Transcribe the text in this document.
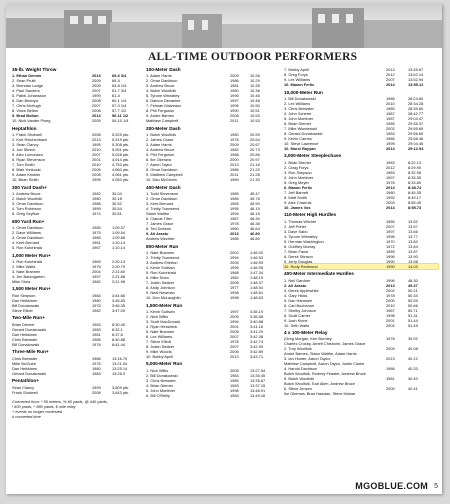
ALL-TIME OUTDOOR PERFORMERS
35-lb. Weight Throw
1. Ethan Dennis	2013	69-6 3/4
2. Sean Pruitt	2009	69-4
3. Brendan Lodge	2009	63-8 1/4
4. Paul Sanders	2007	61-7 3/4
5. Patrik Johansson	1999	61-4
6. Dan Bedoya	2008	60-1 1/4
7. Chris McHugh	2007	57-0 1/4
8. Vince Belton	2008	57-7 1/2
9. Brad Bolton	2014	56-11 1/2
10. Nick Vander Ploeg	2005	54-10 1/4
Heptathlon
1. Frank Shotwell	2008	5,525 pts.
2. Kurt Reichenbach	2013	5,319 pts.
3. Sean Clancy	1995	5,308 pts.
4. Joe Stinich	2010	5,051 pts.
5. Alex Lomonaco	2007	5,028 pts.
6. Ryan Stevenson	2001	4,914 pts.
7. Tom Smith	2010	4,753 pts.
8. Blair Yonkoski	2006	4,660 pts.
9. Adam Kessler	2008	4,081 pts.
10. Brian Smith	1995	4,053 pts.
300 Yard Dash+
1. Andrew Bruce	1982	30.04
2. Butch Woolfolk	1980	30.18
3. Omar Davidson	1986	30.52
4. Tom Robinson	1959	30.54
5. Greg Szyfkar	1974	30.81
600 Yard Run+
1. Omar Davidson	1985	1:09.37
2. Dave Williams	1975	1:09.54
3. Omar Davidson	1985	1:09.68
4. Kent Bernard	1961	1:10.14
5. Ron Kutchinski	1967	1:10.14
1,000 Meter Run+
1. Ron Kutchinski	1969	2:20.13
2. Mike Watts	1976	2:20.79
3. Nate Brannen	2004	2:21.60
4. Jim Baumgarten	1997	2:21.88
Mike Shea	1982	2:21.96
1,500 Meter Run+
Ron Simpson	1984	3:44.66
Dan Heikkinen	1980	3:45.83
Bill Donakowski	1978	3:46.35
Steve Elliott	1982	3:47.00
Two-Mile Run+
Brian Diemer	1983	8:30.40
Gerard Donakowski	1983	8:32.1
Dan Heikkinen	1981	8:37.6
Chris Brewster	1985	8:40.88
Bill Donakowski	1978	8:41.44
Three-Mile Run+
Chris Brewster	1986	13:16.70
Mike McGuire	1976	13:21.04
Dan Heikkinen	1980	13:25.14
Gerard Donakowski	1983	13:26.3
Pentathlon+
Sean Clancy	1993	3,809 pts.
Frank Shotwell	2008	3,643 pts.
Converted from: * 55 meters, % 60 yards, @ 440 yards,
! 600 yards, ^ 880 yards, $ mile relay
+ events no longer contested
# converted time
100-Meter Dash
1. Adam Harris	2009	10.26
2. Omar Davidson	1986	10.29
3. Andrew Bruce	1981	10.35
4. Butch Woolfolk	1980	10.36
5. Tyrone Wheatley	1995	10.46
6. Damon Devasher	1997	10.48
7. Felman Malveaux	1995	10.50
8. Phil Ferguson	1990	10.51
9. Andre Barnes	2008	10.53
Matthew Campbell	2011	10.53
200-Meter Dash
1. Butch Woolfolk	1980	20.59
2. James Grace	1978	20.64
3. Adam Harris	2009	20.67
4. Andrew Bruce	1982	20.73
5. Phil Ferguson	1988	20.86
6. Ike Okenwa	2000	20.97
7. Aaron Taylor	2013	21.16
8. Omar Davidson	1986	21.20
9. Matthew Campbell	2011	21.28
10. Dan McGinnis	1989	21.30
400-Meter Dash
1. Todd Stevenson	1985	45.47
2. Omar Davidson	1985	45.78
3. Kent Bernard	1965	45.90
4. Trinity Townsend	1995	46.15
Stann Waithe	1994	46.15
6. Claude Tiller	1987	46.30
7. James Grace	1978	46.38
8. Ted Dobson	1980	46.64
9. Ali Arastu	2013	46.80
Andrew Wechter	1986	46.80
800-Meter Run
1. Nate Brannen	2002	1:46.00
2. Trinity Townsend	1994	1:46.53
3. Andrew Ellerton	2005	1:46.93
4. Kevin Sullivan	1995	1:46.95
5. Ron Kutchinski	1968	1:47.34
6. Mike Shea	1982	1:48.19
7. Justin Switzer	2008	1:48.37
8. Andy Johnson	1977	1:48.54
9. Neal Newman	1998	1:48.61
10. Don McLaughlin	1998	1:48.63
1,500-Meter Run
1. Kevin Sullivan	1997	3:35.19
2. Nick Willis	2005	3:36.58
3. Scott MacDonald	1994	3:40.88
4. Ryan Hesselink	2001	3:41.16
5. Nate Brannen	2005	3:41.29
6. Lex Williams	2007	3:42.38
7. Steve Elliott	1978	3:42.74
8. Justin Switzer	2007	3:42.90
9. Mike Woods	2006	3:42.89
10. Bobby Aprill	2013	3:43.71
5,000-Meter Run
1. Nick Willis	2005	13:27.54
2. Bill Donakowski	1983	13:35.45
3. Chris Brewster	1985	13:35.67
4. Brian Diemer	1983	13:37.15
5. John Mortimer	1998	13:48.91
6. Bill O'Reilly	1983	13:49.16
7. Bobby Aprill	2013	13:49.67
8. Greg Forys	2012	13:52.14
9. Lex Williams	2007	13:52.94
10. Mason Ferlic	2014	13:55.12
10,000-Meter Run
1. Bill Donakowski	1985	28:24.60
2. Lex Williams	2010	28:34.28
3. Chris Brewster	1985	28:39.60
4. John Scherer	1987	28:42.77
5. John Mortimer	1987	29:04.47
6. Brian Diemer	1985	29:35.37
7. Mike Wisniewski	2002	29:55.89
8. Gerard Donakowski	1983	29:56.60
9. Kevin Carnes	1985	29:58.46
10. Steve Lawrence	1999	29:04.45
10. Morsi Rayyan	2014	29:12.94
3,000-Meter Steeplechase
1. Brian Diemer	1983	8:22.13
2. Craig Forys	2012	8:29.90
3. Ron Simpson	1983	8:32.98
4. John Mortimer	1997	8:33.35
5. Greg Meyer	1976	8:33.89
6. Mason Ferlic	2014	8:38.74
7. Jeff Barnett	1980	8:45.35
8. Matt Smith	1992	8:49.17
9. Alex Charrois	2003	8:55.45
10. James Vos	2014	8:55.73
110-Meter High Hurdles
1. Thomas Wilcher	1985	13.52
2. Jeff Porter	2007	13.57
3. Dave Sabo	1997	13.66
4. Tyrone Wheatley	1995	13.77
5. Herman Washington	1970	13.82
6. Godfrey Murray	1972	13.84
7. Brian Faust	1989	13.87
8. Derek Stinson	1996	13.90
9. Jerry Douglas	1990	13.98
10. Rudy Redmond	1990	14.03
400-Meter Intermediate Hurdles
1. Neil Gardner	1996	48.30
2. Ali Arastu	2013	49.37
3. Derek Applewhite	2002	50.21
4. Gary Hicks	1978	50.34
5. Dan Harmsen	2000	50.59
6. Carl Buchanon	2010	50.66
7. Shelby Johnson	1987	50.71
8. Scott Carrier	1998	51.31
9. Josh Kinne	2001	51.44
10. Seth Waits	2004	51.45
4 x 100-Meter Relay
(Greg Morgan, Ken Burnley,	1978	39.92
Charles Crosby, Arnett Chisholm, James Grace
2. Troy Woolfolk	2009	40.08
Andre Barnes, Stann Waithe, Adam Harris
3. Ian Hunter, Aaron Taylor,	2013	40.22
Matthew Campbell, Aaron Taylor, Justin Clarke
4. Harold Davidson	1986	40.33
Butch Woolfolk, Rodney Feaster, Andrew Bruce
5. Butch Woolfolk	1981	40.40
Butch Woolfolk, Earl Allen, Andrew Bruce
6. Steve Jensen	2000	40.41
Ike Okenwa, Brad Hawdan, Steve Molnar
MGOBLUE.COM 5
